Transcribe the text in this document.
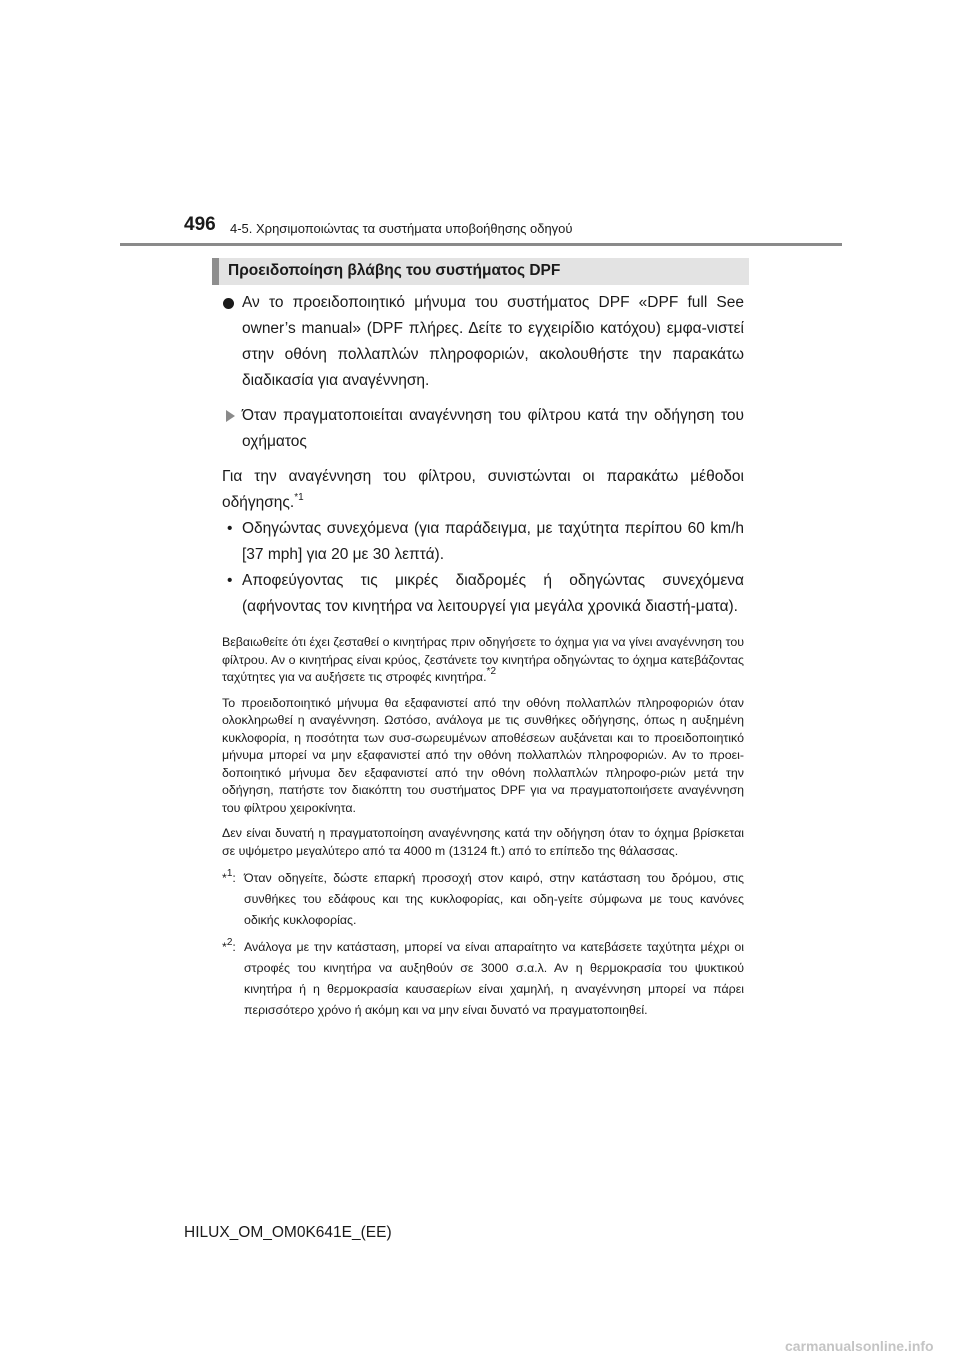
496 4-5. Χρησιμοποιώντας τα συστήματα υποβοήθησης οδηγού
Προειδοποίηση βλάβης του συστήματος DPF

Αν το προειδοποιητικό μήνυμα του συστήματος DPF «DPF full See owner’s manual» (DPF πλήρες. Δείτε το εγχειρίδιο κατόχου) εμφα-νιστεί στην οθόνη πολλαπλών πληροφοριών, ακολουθήστε την παρακάτω διαδικασία για αναγέννηση.

Όταν πραγματοποιείται αναγέννηση του φίλτρου κατά την οδήγηση του οχήματος

Για την αναγέννηση του φίλτρου, συνιστώνται οι παρακάτω μέθοδοι οδήγησης.$^{*1}$

• Οδηγώντας συνεχόμενα (για παράδειγμα, με ταχύτητα περίπου 60 km/h [37 mph] για 20 με 30 λεπτά).

• Αποφεύγοντας τις μικρές διαδρομές ή οδηγώντας συνεχόμενα (αφήνοντας τον κινητήρα να λειτουργεί για μεγάλα χρονικά διαστή-ματα).

Βεβαιωθείτε ότι έχει ζεσταθεί ο κινητήρας πριν οδηγήσετε το όχημα για να γίνει αναγέννηση του φίλτρου. Αν ο κινητήρας είναι κρύος, ζεστάνετε τον κινητήρα οδηγώντας το όχημα κατεβάζοντας ταχύτητες για να αυξήσετε τις στροφές κινητήρα.$^{*2}$

Το προειδοποιητικό μήνυμα θα εξαφανιστεί από την οθόνη πολλαπλών πληροφοριών όταν ολοκληρωθεί η αναγέννηση. Ωστόσο, ανάλογα με τις συνθήκες οδήγησης, όπως η αυξημένη κυκλοφορία, η ποσότητα των συσ-σωρευμένων αποθέσεων αυξάνεται και το προειδοποιητικό μήνυμα μπορεί να μην εξαφανιστεί από την οθόνη πολλαπλών πληροφοριών. Αν το προει-δοποιητικό μήνυμα δεν εξαφανιστεί από την οθόνη πολλαπλών πληροφο-ριών μετά την οδήγηση, πατήστε τον διακόπτη του συστήματος DPF για να πραγματοποιήσετε αναγέννηση του φίλτρου χειροκίνητα.

Δεν είναι δυνατή η πραγματοποίηση αναγέννησης κατά την οδήγηση όταν το όχημα βρίσκεται σε υψόμετρο μεγαλύτερο από τα 4000 m (13124 ft.) από το επίπεδο της θάλασσας.

*$^1$: Όταν οδηγείτε, δώστε επαρκή προσοχή στον καιρό, στην κατάσταση του δρόμου, στις συνθήκες του εδάφους και της κυκλοφορίας, και οδη-γείτε σύμφωνα με τους κανόνες οδικής κυκλοφορίας.

*$^2$: Ανάλογα με την κατάσταση, μπορεί να είναι απαραίτητο να κατεβάσετε ταχύτητα μέχρι οι στροφές του κινητήρα να αυξηθούν σε 3000 σ.α.λ. Αν η θερμοκρασία του ψυκτικού κινητήρα ή η θερμοκρασία καυσαερίων είναι χαμηλή, η αναγέννηση μπορεί να πάρει περισσότερο χρόνο ή ακόμη και να μην είναι δυνατό να πραγματοποιηθεί.

HILUX_OM_OM0K641E_(EE)
carmanualsonline.info
